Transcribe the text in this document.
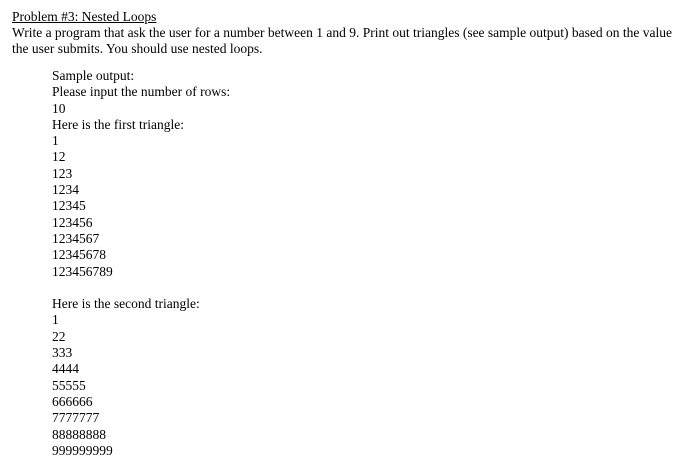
Problem #3: Nested Loops
Write a program that ask the user for a number between 1 and 9. Print out triangles (see sample output) based on the value the user submits. You should use nested loops.
Sample output:
Please input the number of rows:
10
Here is the first triangle:
1
12
123
1234
12345
123456
1234567
12345678
123456789
Here is the second triangle:
1
22
333
4444
55555
666666
7777777
88888888
999999999
